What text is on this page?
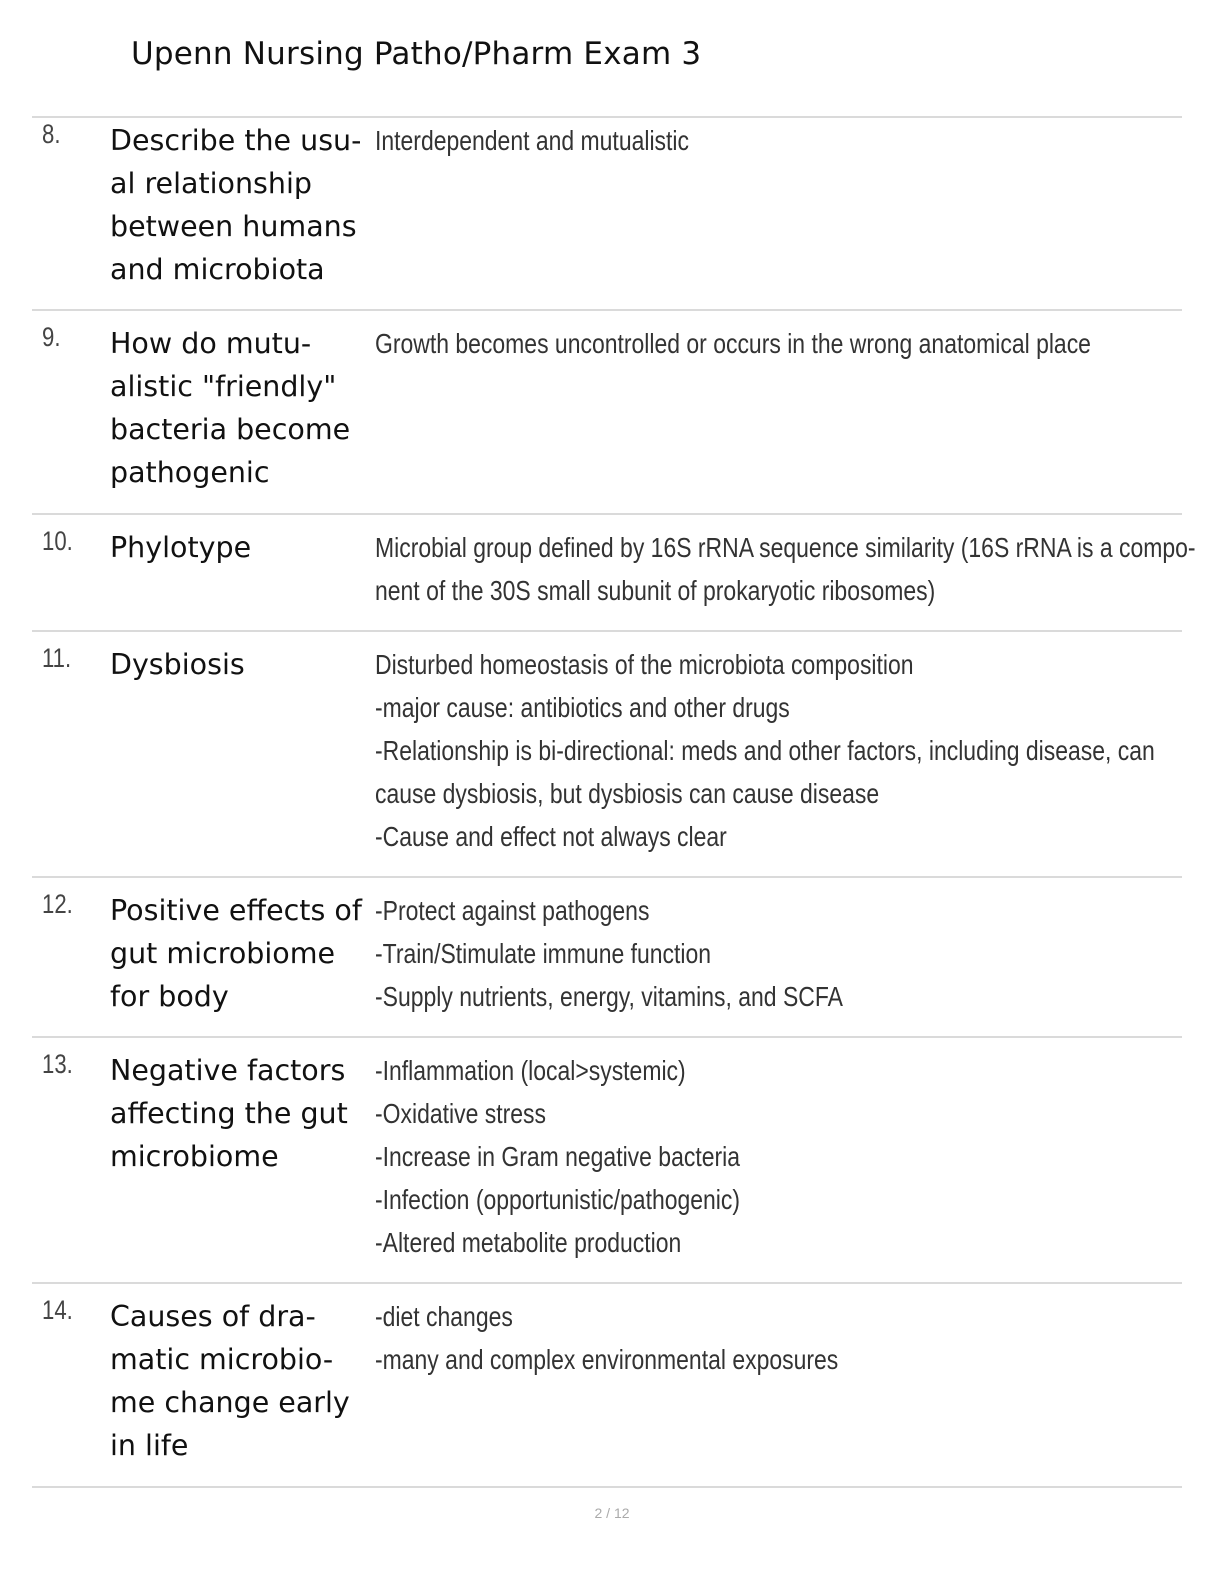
Upenn Nursing Patho/Pharm Exam 3
8. Describe the usu-
al relationship
between humans
and microbiota
Interdependent and mutualistic
9. How do mutu-
alistic "friendly"
bacteria become
pathogenic
Growth becomes uncontrolled or occurs in the wrong anatomical place
10. Phylotype	Microbial group defined by 16S rRNA sequence similarity (16S rRNA is a compo-
nent of the 30S small subunit of prokaryotic ribosomes)
11. Dysbiosis	Disturbed homeostasis of the microbiota composition
-major cause: antibiotics and other drugs
-Relationship is bi-directional: meds and other factors, including disease, can
cause dysbiosis, but dysbiosis can cause disease
-Cause and effect not always clear
12. Positive effects of
gut microbiome
for body
-Protect against pathogens
-Train/Stimulate immune function
-Supply nutrients, energy, vitamins, and SCFA
13. Negative factors
affecting the gut
microbiome
-Inflammation (local>systemic)
-Oxidative stress
-Increase in Gram negative bacteria
-Infection (opportunistic/pathogenic)
-Altered metabolite production
14. Causes of dra-
matic microbio-
me change early
in life
-diet changes
-many and complex environmental exposures
2 / 12
